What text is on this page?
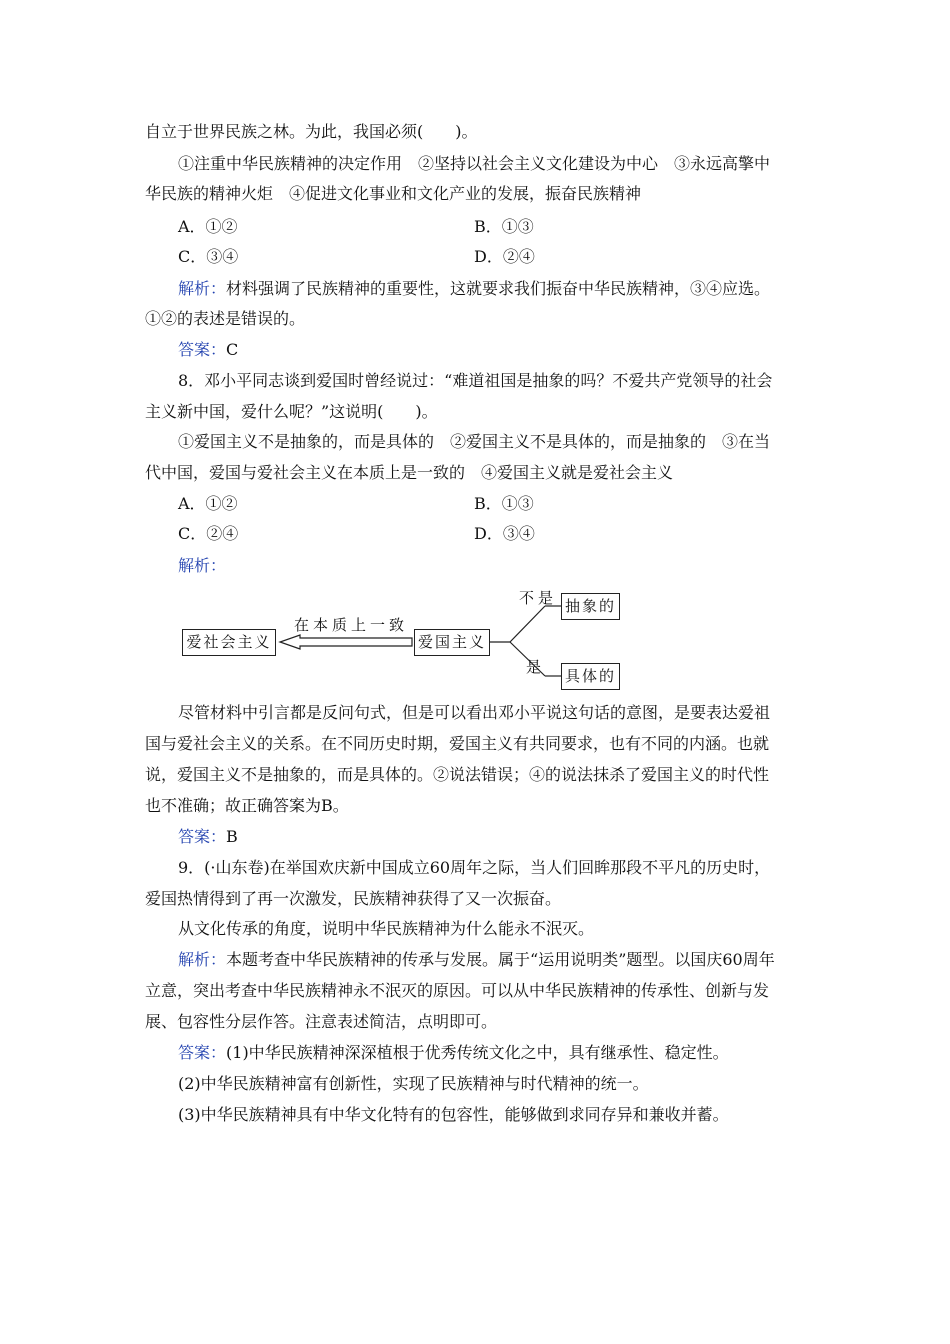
自立于世界民族之林。为此，我国必须(　　)。
①注重中华民族精神的决定作用　②坚持以社会主义文化建设为中心　③永远高擎中
华民族的精神火炬　④促进文化事业和文化产业的发展，振奋民族精神
A．①②	B．①③
C．③④	D．②④
解析：材料强调了民族精神的重要性，这就要求我们振奋中华民族精神，③④应选。
①②的表述是错误的。
答案：C
8．邓小平同志谈到爱国时曾经说过：“难道祖国是抽象的吗？不爱共产党领导的社会
主义新中国，爱什么呢？”这说明(　　)。
①爱国主义不是抽象的，而是具体的　②爱国主义不是具体的，而是抽象的　③在当
代中国，爱国与爱社会主义在本质上是一致的　④爱国主义就是爱社会主义
A．①②	B．①③
C．②④	D．③④
解析：
爱社会主义
在本质上一致
爱国主义
不是 抽象的
是 具体的
尽管材料中引言都是反问句式，但是可以看出邓小平说这句话的意图，是要表达爱祖
国与爱社会主义的关系。在不同历史时期，爱国主义有共同要求，也有不同的内涵。也就
说，爱国主义不是抽象的，而是具体的。②说法错误；④的说法抹杀了爱国主义的时代性
也不准确；故正确答案为B。
答案：B
9．(·山东卷)在举国欢庆新中国成立60周年之际，当人们回眸那段不平凡的历史时，
爱国热情得到了再一次激发，民族精神获得了又一次振奋。
从文化传承的角度，说明中华民族精神为什么能永不泯灭。
解析：本题考查中华民族精神的传承与发展。属于“运用说明类”题型。以国庆60周年
立意，突出考查中华民族精神永不泯灭的原因。可以从中华民族精神的传承性、创新与发
展、包容性分层作答。注意表述简洁，点明即可。
答案：(1)中华民族精神深深植根于优秀传统文化之中，具有继承性、稳定性。
(2)中华民族精神富有创新性，实现了民族精神与时代精神的统一。
(3)中华民族精神具有中华文化特有的包容性，能够做到求同存异和兼收并蓄。
